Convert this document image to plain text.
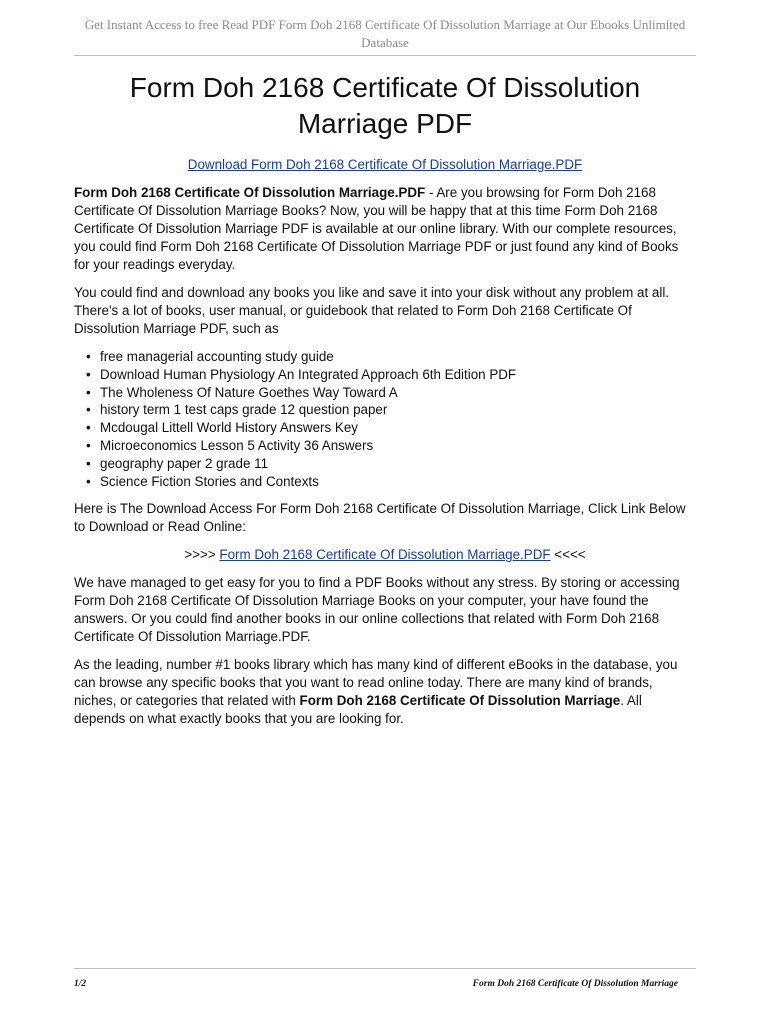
Get Instant Access to free Read PDF Form Doh 2168 Certificate Of Dissolution Marriage at Our Ebooks Unlimited Database
Form Doh 2168 Certificate Of Dissolution Marriage PDF

Download Form Doh 2168 Certificate Of Dissolution Marriage.PDF

Form Doh 2168 Certificate Of Dissolution Marriage.PDF - Are you browsing for Form Doh 2168 Certificate Of Dissolution Marriage Books? Now, you will be happy that at this time Form Doh 2168 Certificate Of Dissolution Marriage PDF is available at our online library. With our complete resources, you could find Form Doh 2168 Certificate Of Dissolution Marriage PDF or just found any kind of Books for your readings everyday.

You could find and download any books you like and save it into your disk without any problem at all. There's a lot of books, user manual, or guidebook that related to Form Doh 2168 Certificate Of Dissolution Marriage PDF, such as

• free managerial accounting study guide
• Download Human Physiology An Integrated Approach 6th Edition PDF
• The Wholeness Of Nature Goethes Way Toward A
• history term 1 test caps grade 12 question paper
• Mcdougal Littell World History Answers Key
• Microeconomics Lesson 5 Activity 36 Answers
• geography paper 2 grade 11
• Science Fiction Stories and Contexts

Here is The Download Access For Form Doh 2168 Certificate Of Dissolution Marriage, Click Link Below to Download or Read Online:

>>>> Form Doh 2168 Certificate Of Dissolution Marriage.PDF <<<<

We have managed to get easy for you to find a PDF Books without any stress. By storing or accessing Form Doh 2168 Certificate Of Dissolution Marriage Books on your computer, your have found the answers. Or you could find another books in our online collections that related with Form Doh 2168 Certificate Of Dissolution Marriage.PDF.

As the leading, number #1 books library which has many kind of different eBooks in the database, you can browse any specific books that you want to read online today. There are many kind of brands, niches, or categories that related with Form Doh 2168 Certificate Of Dissolution Marriage. All depends on what exactly books that you are looking for.

1/2	Form Doh 2168 Certificate Of Dissolution Marriage
